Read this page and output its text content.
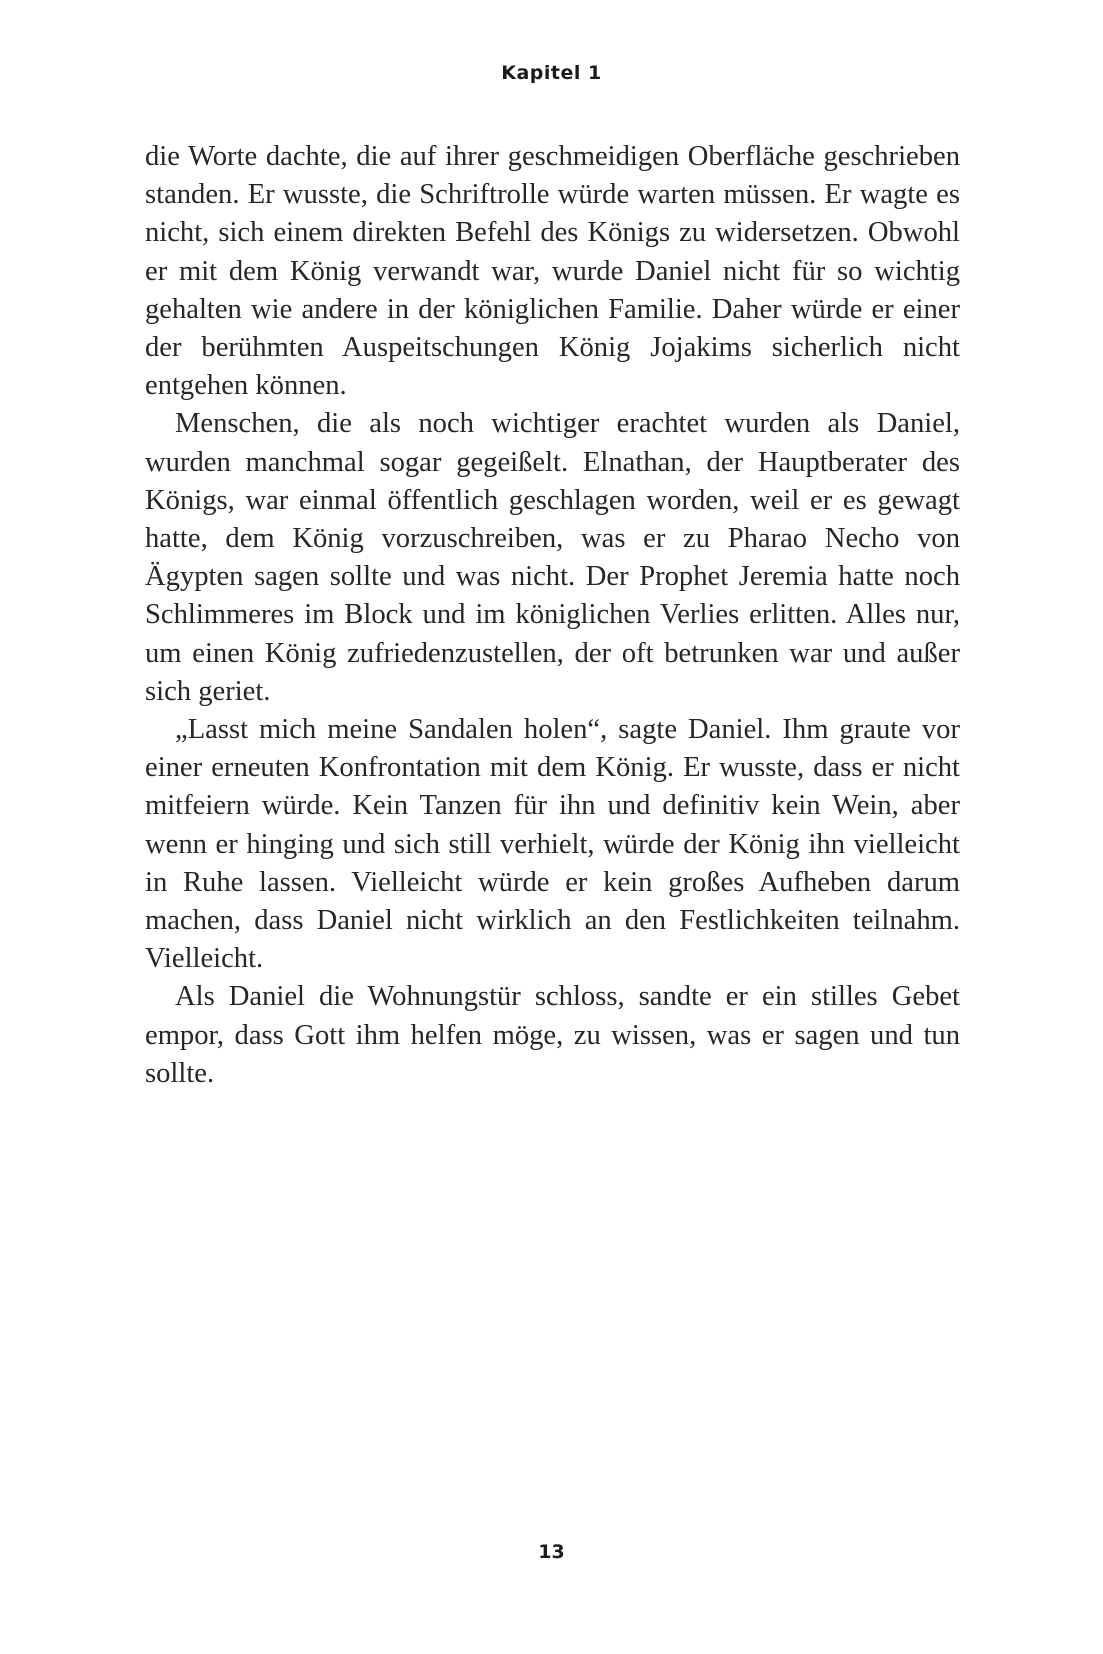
Kapitel 1

die Worte dachte, die auf ihrer geschmeidigen Oberfläche geschrieben standen. Er wusste, die Schriftrolle würde warten müssen. Er wagte es nicht, sich einem direkten Befehl des Königs zu widersetzen. Obwohl er mit dem König verwandt war, wurde Daniel nicht für so wichtig gehalten wie andere in der königlichen Familie. Daher würde er einer der berühmten Auspeitschungen König Jojakims sicherlich nicht entgehen können.

Menschen, die als noch wichtiger erachtet wurden als Daniel, wurden manchmal sogar gegeißelt. Elnathan, der Hauptberater des Königs, war einmal öffentlich geschlagen worden, weil er es gewagt hatte, dem König vorzuschreiben, was er zu Pharao Necho von Ägypten sagen sollte und was nicht. Der Prophet Jeremia hatte noch Schlimmeres im Block und im königlichen Verlies erlitten. Alles nur, um einen König zufriedenzustellen, der oft betrunken war und außer sich geriet.

„Lasst mich meine Sandalen holen“, sagte Daniel. Ihm graute vor einer erneuten Konfrontation mit dem König. Er wusste, dass er nicht mitfeiern würde. Kein Tanzen für ihn und definitiv kein Wein, aber wenn er hinging und sich still verhielt, würde der König ihn vielleicht in Ruhe lassen. Vielleicht würde er kein großes Aufheben darum machen, dass Daniel nicht wirklich an den Festlichkeiten teilnahm. Vielleicht.

Als Daniel die Wohnungstür schloss, sandte er ein stilles Gebet empor, dass Gott ihm helfen möge, zu wissen, was er sagen und tun sollte.

13
